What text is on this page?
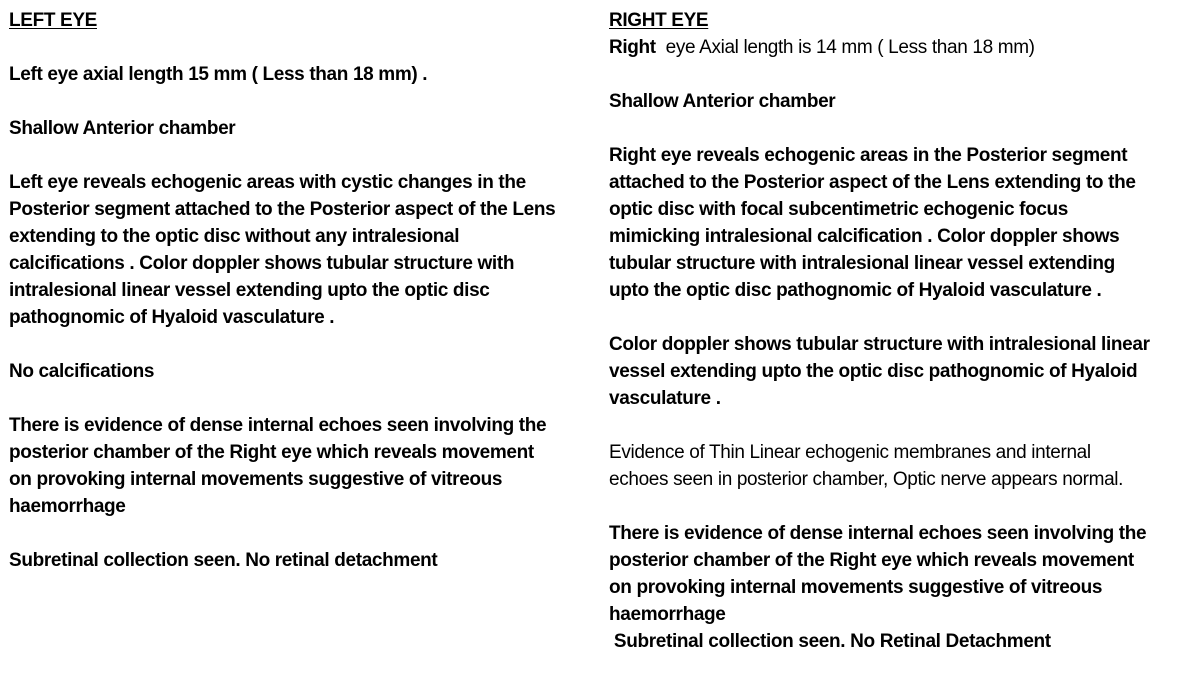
LEFT EYE

Left eye axial length 15 mm ( Less than 18 mm) .

Shallow Anterior chamber

Left eye reveals echogenic areas with cystic changes in the
Posterior segment attached to the Posterior aspect of the Lens
extending to the optic disc without any intralesional
calcifications . Color doppler shows tubular structure with
intralesional linear vessel extending upto the optic disc
pathognomic of Hyaloid vasculature .

No calcifications

There is evidence of dense internal echoes seen involving the
posterior chamber of the Right eye which reveals movement
on provoking internal movements suggestive of vitreous
haemorrhage

Subretinal collection seen. No retinal detachment

RIGHT EYE

Right  eye Axial length is 14 mm ( Less than 18 mm)

Shallow Anterior chamber

Right eye reveals echogenic areas in the Posterior segment
attached to the Posterior aspect of the Lens extending to the
optic disc with focal subcentimetric echogenic focus
mimicking intralesional calcification . Color doppler shows
tubular structure with intralesional linear vessel extending
upto the optic disc pathognomic of Hyaloid vasculature .

Color doppler shows tubular structure with intralesional linear
vessel extending upto the optic disc pathognomic of Hyaloid
vasculature .

Evidence of Thin Linear echogenic membranes and internal
echoes seen in posterior chamber, Optic nerve appears normal.

There is evidence of dense internal echoes seen involving the
posterior chamber of the Right eye which reveals movement
on provoking internal movements suggestive of vitreous
haemorrhage

Subretinal collection seen. No Retinal Detachment
